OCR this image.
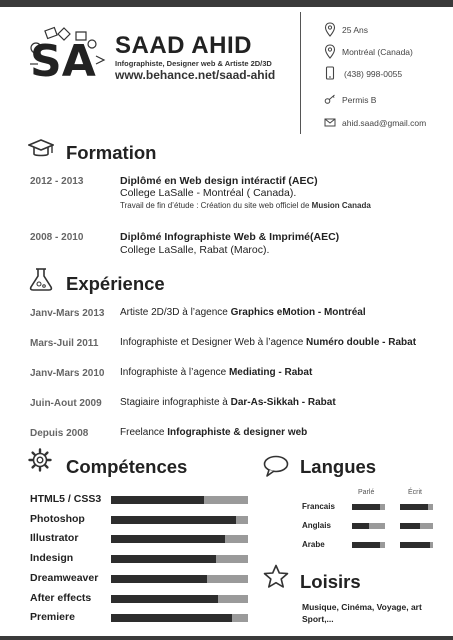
SA SAAD AHID
Infographiste, Designer web & Artiste 2D/3D
www.behance.net/saad-ahid
25 Ans
Montréal (Canada)
(438) 998-0055
Permis B
ahid.saad@gmail.com
Formation
2012 - 2013	Diplômé en Web design intéractif (AEC)
College LaSalle - Montréal ( Canada).
Travail de fin d’étude : Création du site web officiel de Musion Canada
2008 - 2010	Diplômé Infographiste Web & Imprimé(AEC)
College LaSalle, Rabat (Maroc).
Expérience
Janv-Mars 2013 Artiste 2D/3D à l’agence Graphics eMotion - Montréal
Mars-Juil 2011 Infographiste et Designer Web à l’agence Numéro double - Rabat
Janv-Mars 2010 Infographiste à l’agence Mediating - Rabat
Juin-Aout 2009 Stagiaire infographiste à Dar-As-Sikkah - Rabat
Depuis 2008	Freelance Infographiste & designer web
Compétences
HTML5 / CSS3
Photoshop
Illustrator
Indesign
Dreamweaver
After effects
Premiere
Langues
Parlé	Écrit
Francais
Anglais
Arabe
Loisirs
Musique, Cinéma, Voyage, art Sport,...
